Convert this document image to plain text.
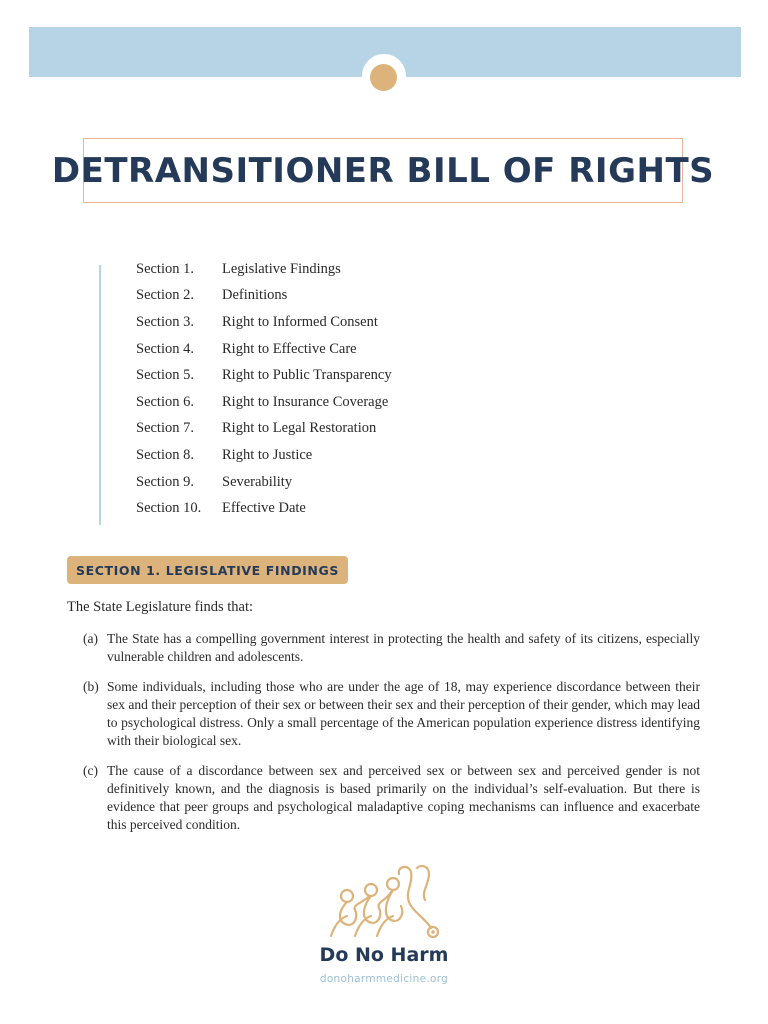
DETRANSITIONER BILL OF RIGHTS
Section 1.	Legislative Findings
Section 2.	Definitions
Section 3.	Right to Informed Consent
Section 4.	Right to Effective Care
Section 5.	Right to Public Transparency
Section 6.	Right to Insurance Coverage
Section 7.	Right to Legal Restoration
Section 8.	Right to Justice
Section 9.	Severability
Section 10.	Effective Date
SECTION 1. LEGISLATIVE FINDINGS
The State Legislature finds that:
(a) The State has a compelling government interest in protecting the health and safety of its citizens, especially vulnerable children and adolescents.
(b) Some individuals, including those who are under the age of 18, may experience discordance between their sex and their perception of their sex or between their sex and their perception of their gender, which may lead to psychological distress. Only a small percentage of the American population experience distress identifying with their biological sex.
(c) The cause of a discordance between sex and perceived sex or between sex and perceived gender is not definitively known, and the diagnosis is based primarily on the individual’s self-evaluation. But there is evidence that peer groups and psychological maladaptive coping mechanisms can influence and exacerbate this perceived condition.
Do No Harm
donoharmmedicine.org
